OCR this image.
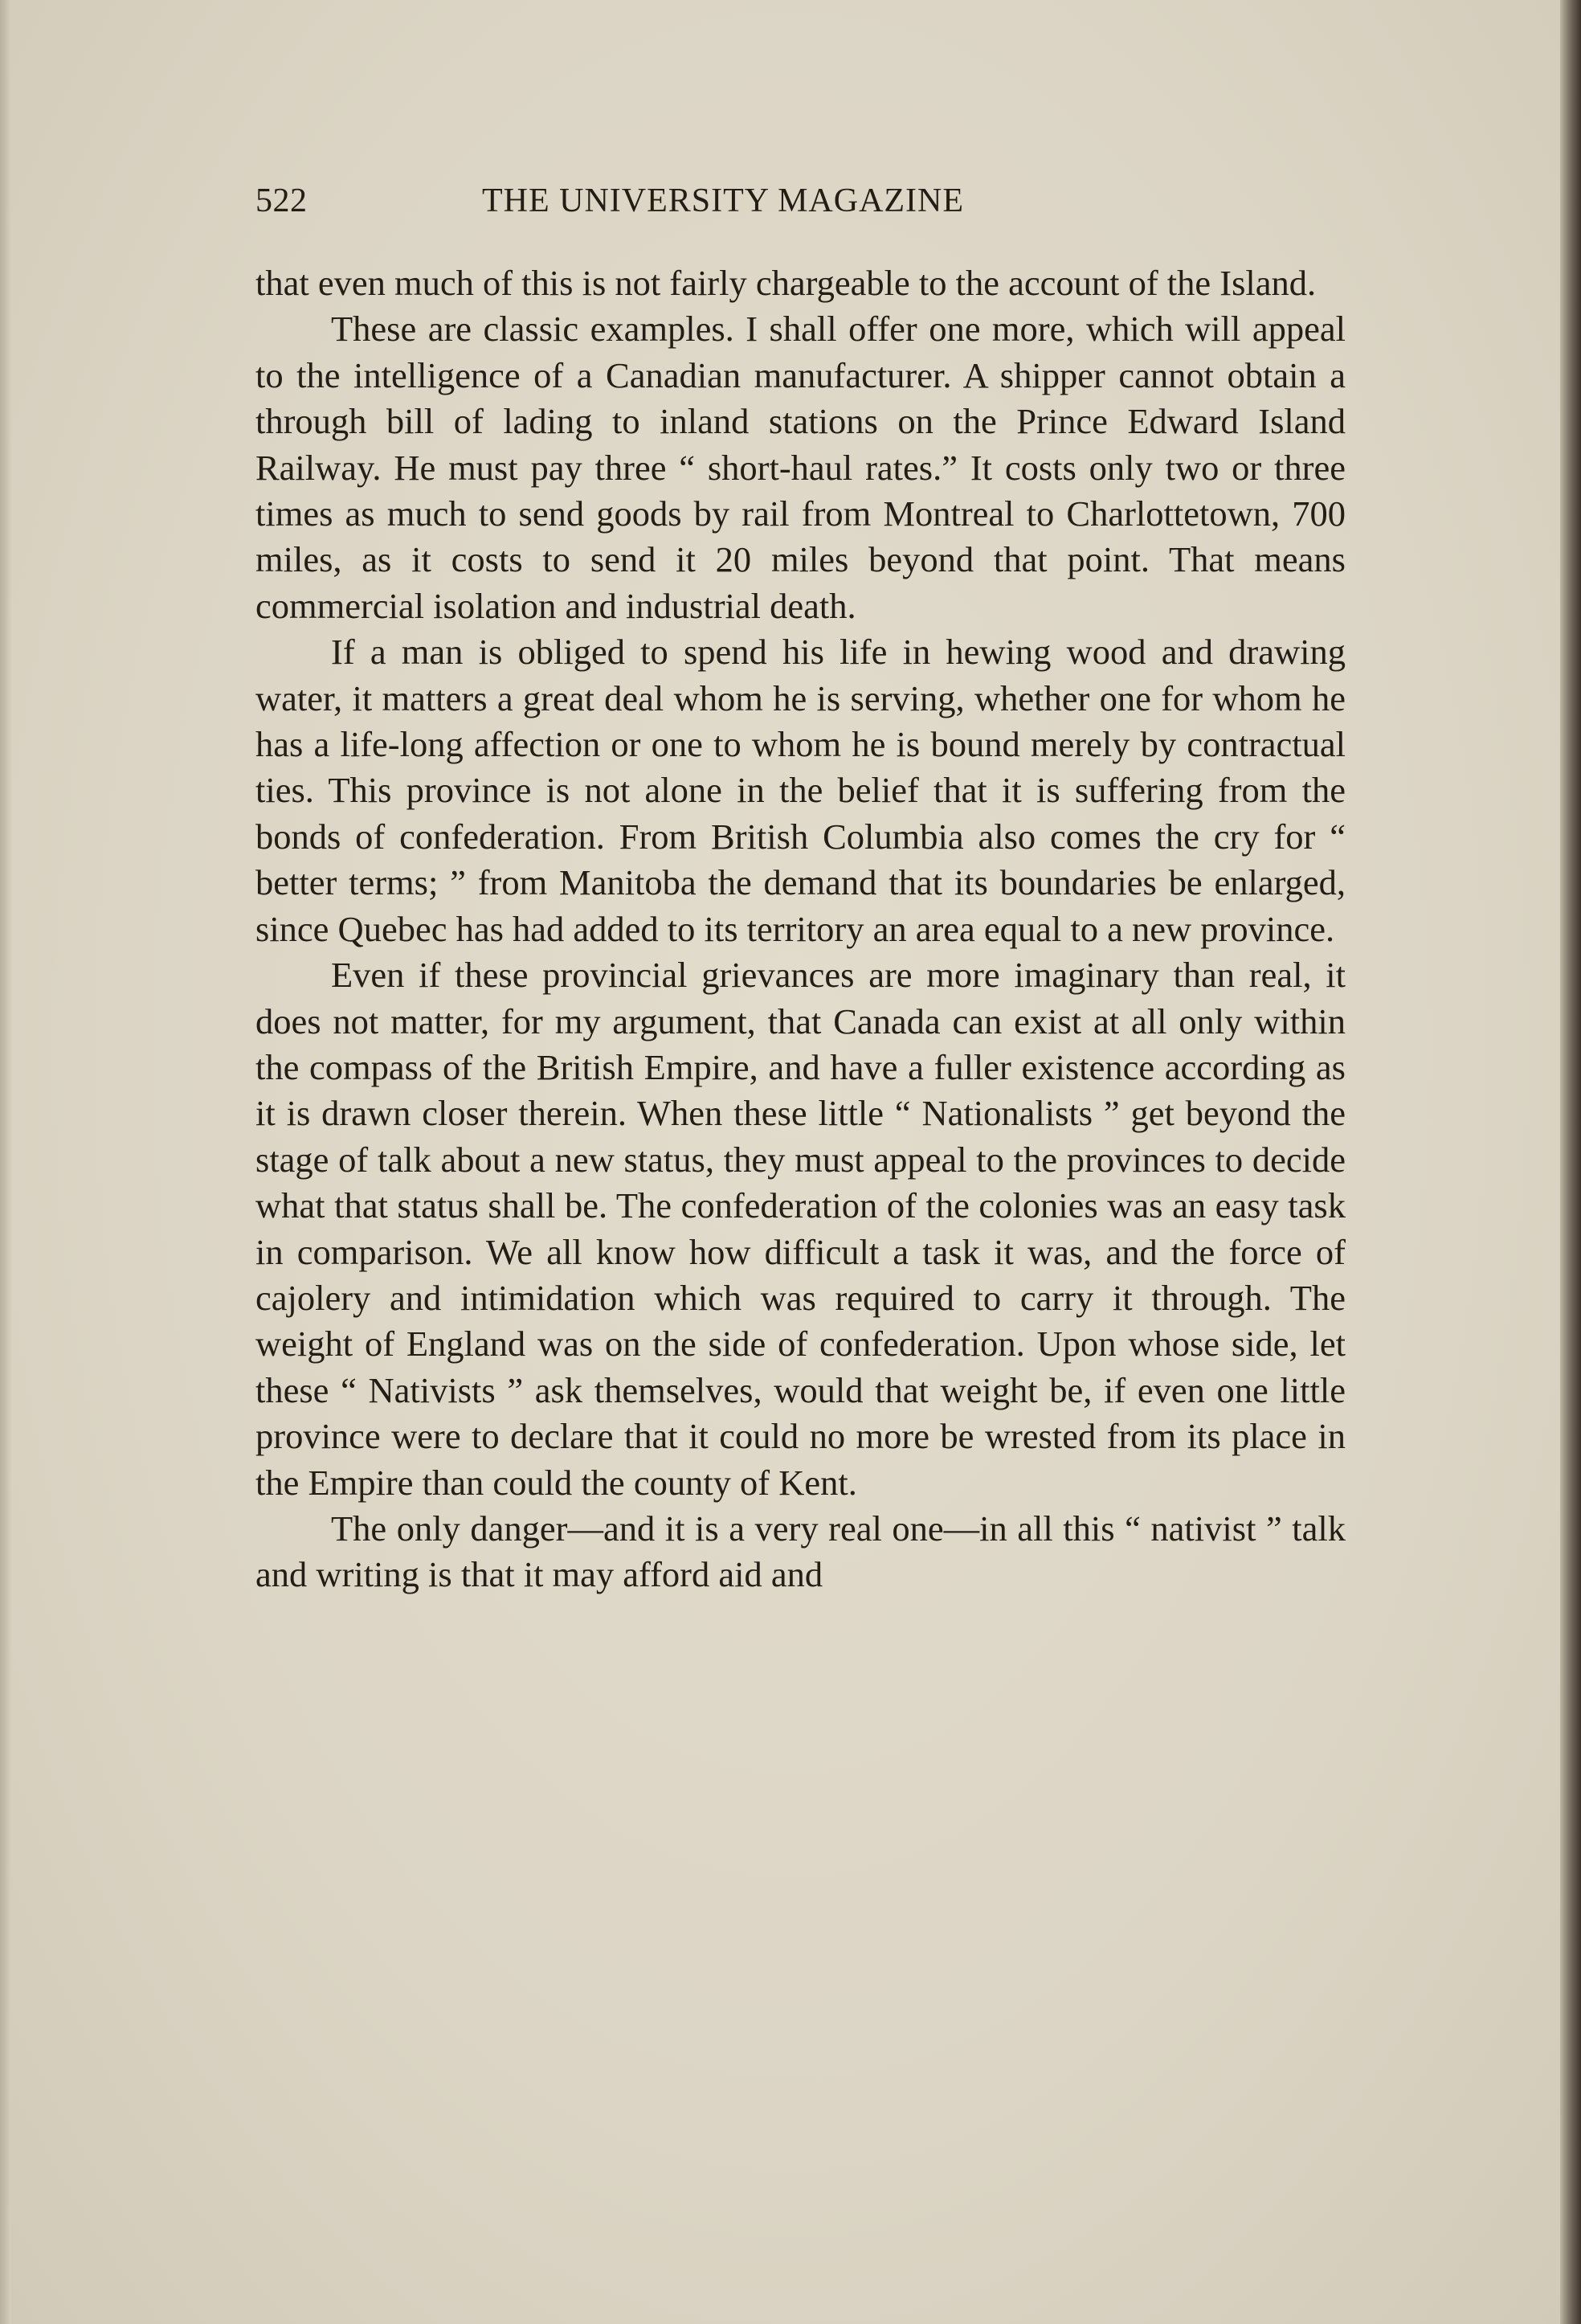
522	THE UNIVERSITY MAGAZINE

that even much of this is not fairly chargeable to the account of the Island.

These are classic examples. I shall offer one more, which will appeal to the intelligence of a Canadian manufacturer. A shipper cannot obtain a through bill of lading to inland stations on the Prince Edward Island Railway. He must pay three “ short-haul rates.” It costs only two or three times as much to send goods by rail from Montreal to Charlottetown, 700 miles, as it costs to send it 20 miles beyond that point. That means commercial isolation and industrial death.

If a man is obliged to spend his life in hewing wood and drawing water, it matters a great deal whom he is serving, whether one for whom he has a life-long affection or one to whom he is bound merely by contractual ties. This province is not alone in the belief that it is suffering from the bonds of confederation. From British Columbia also comes the cry for “ better terms; ” from Manitoba the demand that its boundaries be enlarged, since Quebec has had added to its territory an area equal to a new province.

Even if these provincial grievances are more imaginary than real, it does not matter, for my argument, that Canada can exist at all only within the compass of the British Empire, and have a fuller existence according as it is drawn closer therein. When these little “ Nationalists ” get beyond the stage of talk about a new status, they must appeal to the provinces to decide what that status shall be. The confederation of the colonies was an easy task in comparison. We all know how difficult a task it was, and the force of cajolery and intimidation which was required to carry it through. The weight of England was on the side of confederation. Upon whose side, let these “ Nativists ” ask themselves, would that weight be, if even one little province were to declare that it could no more be wrested from its place in the Empire than could the county of Kent.

The only danger—and it is a very real one—in all this “ nativist ” talk and writing is that it may afford aid and
